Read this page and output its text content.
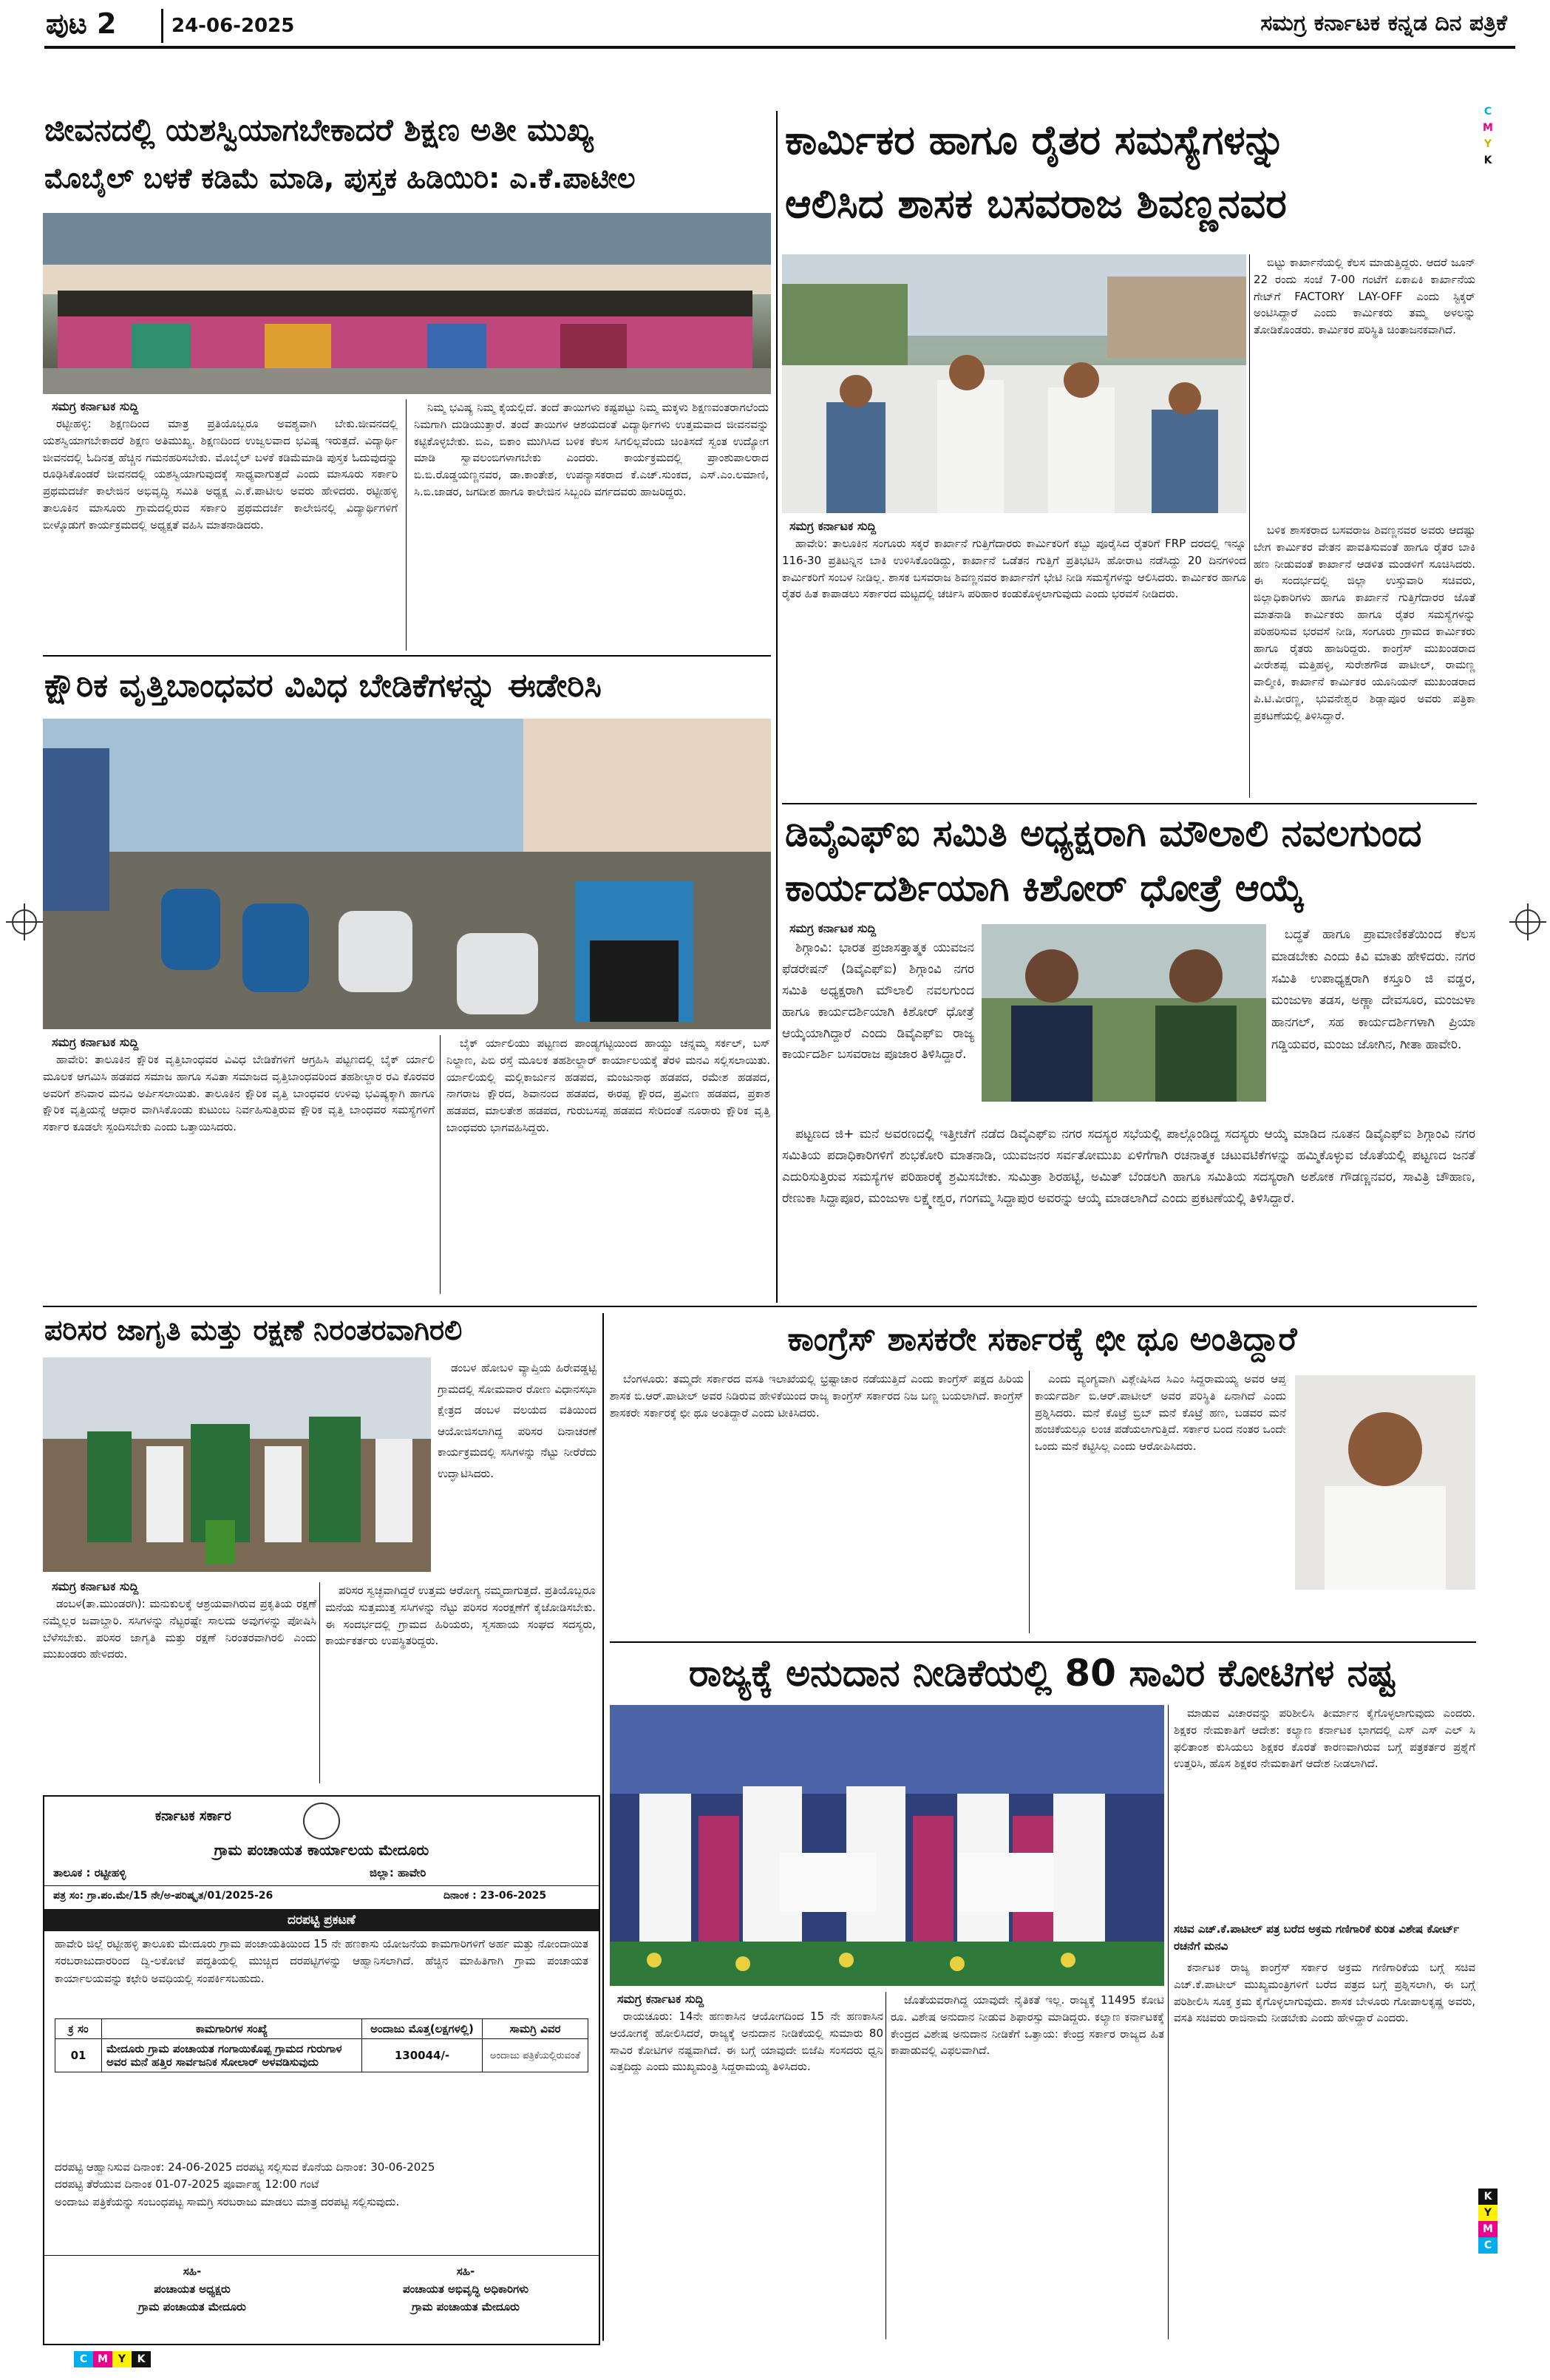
ಪುಟ 2	24-06-2025	ಸಮಗ್ರ ಕರ್ನಾಟಕ ಕನ್ನಡ ದಿನ ಪತ್ರಿಕೆ
C
M
Y
K
K
Y
M
C
C M Y	K
ಜೀವನದಲ್ಲಿ ಯಶಸ್ವಿಯಾಗಬೇಕಾದರೆ ಶಿಕ್ಷಣ ಅತೀ ಮುಖ್ಯ
ಮೊಬೈಲ್ ಬಳಕೆ ಕಡಿಮೆ ಮಾಡಿ, ಪುಸ್ತಕ ಹಿಡಿಯಿರಿ: ಎ.ಕೆ.ಪಾಟೀಲ
ಸಮಗ್ರ ಕರ್ನಾಟಕ ಸುದ್ದಿ

ರಟ್ಟೀಹಳ್ಳಿ: ಶಿಕ್ಷಣದಿಂದ ಮಾತ್ರ ಪ್ರತಿಯೊಬ್ಬರೂ ಅವಶ್ಯವಾಗಿ ಬೇಕು.ಜೀವನದಲ್ಲಿ ಯಶಸ್ವಿಯಾಗಬೇಕಾದರೆ ಶಿಕ್ಷಣ ಅತಿಮುಖ್ಯ. ಶಿಕ್ಷಣದಿಂದ ಉಜ್ವಲವಾದ ಭವಿಷ್ಯ ಇರುತ್ತದೆ. ವಿದ್ಯಾರ್ಥಿ ಜೀವನದಲ್ಲಿ ಓದಿನತ್ತ ಹೆಚ್ಚಿನ ಗಮನಹರಿಸಬೇಕು. ಮೊಬೈಲ್ ಬಳಕೆ ಕಡಿಮೆಮಾಡಿ ಪುಸ್ತಕ ಓದುವುದನ್ನು ರೂಢಿಸಿಕೊಂಡರೆ ಜೀವನದಲ್ಲಿ ಯಶಸ್ವಿಯಾಗುವುದಕ್ಕೆ ಸಾಧ್ಯವಾಗುತ್ತದೆ ಎಂದು ಮಾಸೂರು ಸರ್ಕಾರಿ ಪ್ರಥಮದರ್ಜೆ ಕಾಲೇಜಿನ ಅಭಿವೃದ್ಧಿ ಸಮಿತಿ ಅಧ್ಯಕ್ಷ ಎ.ಕೆ.ಪಾಟೀಲ ಅವರು ಹೇಳಿದರು. ರಟ್ಟೀಹಳ್ಳಿ ತಾಲೂಕಿನ ಮಾಸೂರು ಗ್ರಾಮದಲ್ಲಿರುವ ಸರ್ಕಾರಿ ಪ್ರಥಮದರ್ಜೆ ಕಾಲೇಜಿನಲ್ಲಿ ವಿದ್ಯಾರ್ಥಿಗಳಿಗೆ ಬೀಳ್ಕೊಡುಗೆ ಕಾರ್ಯಕ್ರಮದಲ್ಲಿ ಅಧ್ಯಕ್ಷತೆ ವಹಿಸಿ ಮಾತನಾಡಿದರು.

ನಿಮ್ಮ ಭವಿಷ್ಯ ನಿಮ್ಮ ಕೈಯಲ್ಲಿದೆ. ತಂದೆ ತಾಯಿಗಳು ಕಷ್ಟಪಟ್ಟು ನಿಮ್ಮ ಮಕ್ಕಳು ಶಿಕ್ಷಣವಂತರಾಗಲೆಂದು ನಿಮಗಾಗಿ ದುಡಿಯುತ್ತಾರೆ. ತಂದೆ ತಾಯಿಗಳ ಆಶಯದಂತೆ ವಿದ್ಯಾರ್ಥಿಗಳು ಉತ್ತಮವಾದ ಜೀವನವನ್ನು ಕಟ್ಟಿಕೊಳ್ಳಬೇಕು. ಬಿಎ, ಬಿಕಾಂ ಮುಗಿಸಿದ ಬಳಿಕ ಕೆಲಸ ಸಿಗಲಿಲ್ಲವೆಂದು ಚಿಂತಿಸದೆ ಸ್ವಂತ ಉದ್ಯೋಗ ಮಾಡಿ ಸ್ವಾವಲಂಬಿಗಳಾಗಬೇಕು ಎಂದರು. ಕಾರ್ಯಕ್ರಮದಲ್ಲಿ ಪ್ರಾಂಶುಪಾಲರಾದ ಬಿ.ಬಿ.ರೊಡ್ಡಯಣ್ಣನವರ, ಡಾ.ಕಾಂತೇಶ, ಉಪನ್ಯಾಸಕರಾದ ಕೆ.ಎಚ್.ಸುಂಕದ, ಎಸ್.ಎಂ.ಲಮಾಣಿ, ಸಿ.ಬಿ.ಜಾಡರ, ಜಗದೀಶ ಹಾಗೂ ಕಾಲೇಜಿನ ಸಿಬ್ಬಂದಿ ವರ್ಗದವರು ಹಾಜರಿದ್ದರು.

ಕ್ಷೌರಿಕ ವೃತ್ತಿಬಾಂಧವರ ವಿವಿಧ ಬೇಡಿಕೆಗಳನ್ನು ಈಡೇರಿಸಿ
ಸಮಗ್ರ ಕರ್ನಾಟಕ ಸುದ್ದಿ

ಹಾವೇರಿ: ತಾಲೂಕಿನ ಕ್ಷೌರಿಕ ವೃತ್ತಿಬಾಂಧವರ ವಿವಿಧ ಬೇಡಿಕೆಗಳಿಗೆ ಆಗ್ರಹಿಸಿ ಪಟ್ಟಣದಲ್ಲಿ ಬೈಕ್ ರ್ಯಾಲಿ ಮೂಲಕ ಆಗಮಿಸಿ ಹಡಪದ ಸಮಾಜ ಹಾಗೂ ಸವಿತಾ ಸಮಾಜದ ವೃತ್ತಿಬಾಂಧವರಿಂದ ತಹಶೀಲ್ದಾರ ರವಿ ಕೊರವರ ಅವರಿಗೆ ಶನಿವಾರ ಮನವಿ ಅರ್ಪಿಸಲಾಯಿತು. ತಾಲೂಕಿನ ಕ್ಷೌರಿಕ ವೃತ್ತಿ ಬಾಂಧವರ ಉಳಿವು ಭವಿಷ್ಯಕ್ಕಾಗಿ ಹಾಗೂ ಕ್ಷೌರಿಕ ವೃತ್ತಿಯನ್ನೆ ಆಧಾರ ವಾಗಿಸಿಕೊಂಡು ಕುಟುಂಬ ನಿರ್ವಹಿಸುತ್ತಿರುವ ಕ್ಷೌರಿಕ ವೃತ್ತಿ ಬಾಂಧವರ ಸಮಸ್ಯೆಗಳಿಗೆ ಸರ್ಕಾರ ಕೂಡಲೇ ಸ್ಪಂದಿಸಬೇಕು ಎಂದು ಒತ್ತಾಯಿಸಿದರು.

ಬೈಕ್ ರ್ಯಾಲಿಯು ಪಟ್ಟಣದ ಪಾಂಡ್ಯಗಟ್ಟಿಯಿಂದ ಹಾಯ್ದು ಚನ್ನಮ್ಮ ಸರ್ಕಲ್, ಬಸ್ ನಿಲ್ದಾಣ, ಪಿಬಿ ರಸ್ತೆ ಮೂಲಕ ತಹಶೀಲ್ದಾರ್ ಕಾರ್ಯಾಲಯಕ್ಕೆ ತೆರಳಿ ಮನವಿ ಸಲ್ಲಿಸಲಾಯಿತು. ರ್ಯಾಲಿಯಲ್ಲಿ ಮಲ್ಲಿಕಾರ್ಜುನ ಹಡಪದ, ಮಂಜುನಾಥ ಹಡಪದ, ರಮೇಶ ಹಡಪದ, ನಾಗರಾಜ ಕ್ಷೌರದ, ಶಿವಾನಂದ ಹಡಪದ, ಈರಪ್ಪ ಕ್ಷೌರದ, ಪ್ರವೀಣ ಹಡಪದ, ಪ್ರಕಾಶ ಹಡಪದ, ಮಾಲತೇಶ ಹಡಪದ, ಗುರುಬಸಪ್ಪ ಹಡಪದ ಸೇರಿದಂತೆ ನೂರಾರು ಕ್ಷೌರಿಕ ವೃತ್ತಿ ಬಾಂಧವರು ಭಾಗವಹಿಸಿದ್ದರು.

ಕಾರ್ಮಿಕರ ಹಾಗೂ ರೈತರ ಸಮಸ್ಯೆಗಳನ್ನು
ಆಲಿಸಿದ ಶಾಸಕ ಬಸವರಾಜ ಶಿವಣ್ಣನವರ

ಬಿಟ್ಟು ಕಾರ್ಖಾನೆಯಲ್ಲಿ ಕೆಲಸ ಮಾಡುತ್ತಿದ್ದರು. ಆದರೆ ಜೂನ್ 22 ರಂದು ಸಂಜೆ 7-00 ಗಂಟೆಗೆ ಏಕಾಏಕಿ ಕಾರ್ಖಾನೆಯ ಗೇಟ್‌ಗೆ FACTORY LAY-OFF ಎಂದು ಸ್ಟಿಕ್ಕರ್ ಅಂಟಿಸಿದ್ದಾರೆ ಎಂದು ಕಾರ್ಮಿಕರು ತಮ್ಮ ಅಳಲನ್ನು ತೋಡಿಕೊಂಡರು. ಕಾರ್ಮಿಕರ ಪರಿಸ್ಥಿತಿ ಚಿಂತಾಜನಕವಾಗಿದೆ.

ಸಮಗ್ರ ಕರ್ನಾಟಕ ಸುದ್ದಿ

ಹಾವೇರಿ: ತಾಲೂಕಿನ ಸಂಗೂರು ಸಕ್ಕರೆ ಕಾರ್ಖಾನೆ ಗುತ್ತಿಗೆದಾರರು ಕಾರ್ಮಿಕರಿಗೆ ಕಬ್ಬು ಪೂರೈಸಿದ ರೈತರಿಗೆ FRP ದರದಲ್ಲಿ ಇನ್ನೂ 116-30 ಪ್ರತಿಟನ್ನಿನ ಬಾಕಿ ಉಳಿಸಿಕೊಂಡಿದ್ದು, ಕಾರ್ಖಾನೆ ಒಡೆತನ ಗುತ್ತಿಗೆ ಪ್ರತಿಭಟಿಸಿ ಹೋರಾಟ ನಡೆಸಿದ್ದು 20 ದಿನಗಳಿಂದ ಕಾರ್ಮಿಕರಿಗೆ ಸಂಬಳ ನೀಡಿಲ್ಲ. ಶಾಸಕ ಬಸವರಾಜ ಶಿವಣ್ಣನವರ ಕಾರ್ಖಾನೆಗೆ ಭೇಟಿ ನೀಡಿ ಸಮಸ್ಯೆಗಳನ್ನು ಆಲಿಸಿದರು. ಕಾರ್ಮಿಕರ ಹಾಗೂ ರೈತರ ಹಿತ ಕಾಪಾಡಲು ಸರ್ಕಾರದ ಮಟ್ಟದಲ್ಲಿ ಚರ್ಚಿಸಿ ಪರಿಹಾರ ಕಂಡುಕೊಳ್ಳಲಾಗುವುದು ಎಂದು ಭರವಸೆ ನೀಡಿದರು.

ಬಳಿಕ ಶಾಸಕರಾದ ಬಸವರಾಜ ಶಿವಣ್ಣನವರ ಅವರು ಆದಷ್ಟು ಬೇಗ ಕಾರ್ಮಿಕರ ವೇತನ ಪಾವತಿಸುವಂತೆ ಹಾಗೂ ರೈತರ ಬಾಕಿ ಹಣ ನೀಡುವಂತೆ ಕಾರ್ಖಾನೆ ಆಡಳಿತ ಮಂಡಳಿಗೆ ಸೂಚಿಸಿದರು. ಈ ಸಂದರ್ಭದಲ್ಲಿ ಜಿಲ್ಲಾ ಉಸ್ತುವಾರಿ ಸಚಿವರು, ಜಿಲ್ಲಾಧಿಕಾರಿಗಳು ಹಾಗೂ ಕಾರ್ಖಾನೆ ಗುತ್ತಿಗೆದಾರರ ಜೊತೆ ಮಾತನಾಡಿ ಕಾರ್ಮಿಕರು ಹಾಗೂ ರೈತರ ಸಮಸ್ಯೆಗಳನ್ನು ಪರಿಹರಿಸುವ ಭರವಸೆ ನೀಡಿ, ಸಂಗೂರು ಗ್ರಾಮದ ಕಾರ್ಮಿಕರು ಹಾಗೂ ರೈತರು ಹಾಜರಿದ್ದರು. ಕಾಂಗ್ರೆಸ್ ಮುಖಂಡರಾದ ವೀರೇಶಪ್ಪ ಮತ್ತಿಹಳ್ಳಿ, ಸುರೇಶಗೌಡ ಪಾಟೀಲ್, ರಾಮಣ್ಣ ವಾಲ್ಮೀಕಿ, ಕಾರ್ಖಾನೆ ಕಾರ್ಮಿಕರ ಯೂನಿಯನ್ ಮುಖಂಡರಾದ ಪಿ.ಟಿ.ವೀರಣ್ಣ, ಭುವನೇಶ್ವರ ಶಿಡ್ಲಾಪೂರ ಅವರು ಪತ್ರಿಕಾ ಪ್ರಕಟಣೆಯಲ್ಲಿ ತಿಳಿಸಿದ್ದಾರೆ.

ಡಿವೈಎಫ್‌ಐ ಸಮಿತಿ ಅಧ್ಯಕ್ಷರಾಗಿ ಮೌಲಾಲಿ ನವಲಗುಂದ
ಕಾರ್ಯದರ್ಶಿಯಾಗಿ ಕಿಶೋರ್ ಧೋತ್ರೆ ಆಯ್ಕೆ
ಸಮಗ್ರ ಕರ್ನಾಟಕ ಸುದ್ದಿ

ಶಿಗ್ಗಾಂವಿ: ಭಾರತ ಪ್ರಜಾಸತ್ತಾತ್ಮಕ ಯುವಜನ ಫೆಡರೇಷನ್ (ಡಿವೈಎಫ್‌ಐ) ಶಿಗ್ಗಾಂವಿ ನಗರ ಸಮಿತಿ ಅಧ್ಯಕ್ಷರಾಗಿ ಮೌಲಾಲಿ ನವಲಗುಂದ ಹಾಗೂ ಕಾರ್ಯದರ್ಶಿಯಾಗಿ ಕಿಶೋರ್ ಧೋತ್ರೆ ಆಯ್ಕೆಯಾಗಿದ್ದಾರೆ ಎಂದು ಡಿವೈಎಫ್‌ಐ ರಾಜ್ಯ ಕಾರ್ಯದರ್ಶಿ ಬಸವರಾಜ ಪೂಜಾರ ತಿಳಿಸಿದ್ದಾರೆ.

ಬದ್ಧತೆ ಹಾಗೂ ಪ್ರಾಮಾಣಿಕತೆಯಿಂದ ಕೆಲಸ ಮಾಡಬೇಕು ಎಂದು ಕಿವಿ ಮಾತು ಹೇಳಿದರು. ನಗರ ಸಮಿತಿ ಉಪಾಧ್ಯಕ್ಷರಾಗಿ ಕಸ್ತೂರಿ ಜಿ ವಡ್ಡರ, ಮಂಜುಳಾ ತಡಸ, ಅಣ್ಣಾ ದೇವಸೂರ, ಮಂಜುಳಾ ಹಾನಗಲ್, ಸಹ ಕಾರ್ಯದರ್ಶಿಗಳಾಗಿ ಪ್ರಿಯಾ ಗಡ್ಡಿಯವರ, ಮಂಜು ಜೋಗಿನ, ಗೀತಾ ಹಾವೇರಿ.

ಪಟ್ಟಣದ ಜಿ+ ಮನೆ ಅವರಣದಲ್ಲಿ ಇತ್ತೀಚೆಗೆ ನಡೆದ ಡಿವೈಎಫ್‌ಐ ನಗರ ಸದಸ್ಯರ ಸಭೆಯಲ್ಲಿ ಪಾಲ್ಗೊಂಡಿದ್ದ ಸದಸ್ಯರು ಆಯ್ಕೆ ಮಾಡಿದ ನೂತನ ಡಿವೈಎಫ್‌ಐ ಶಿಗ್ಗಾಂವಿ ನಗರ ಸಮಿತಿಯ ಪದಾಧಿಕಾರಿಗಳಿಗೆ ಶುಭಕೋರಿ ಮಾತನಾಡಿ, ಯುವಜನರ ಸರ್ವತೋಮುಖ ಏಳಿಗೆಗಾಗಿ ರಚನಾತ್ಮಕ ಚಟುವಟಿಕೆಗಳನ್ನು ಹಮ್ಮಿಕೊಳ್ಳುವ ಜೊತೆಯಲ್ಲಿ ಪಟ್ಟಣದ ಜನತೆ ಎದುರಿಸುತ್ತಿರುವ ಸಮಸ್ಯೆಗಳ ಪರಿಹಾರಕ್ಕೆ ಶ್ರಮಿಸಬೇಕು. ಸುಮಿತ್ರಾ ಶಿರಹಟ್ಟಿ, ಅಮಿತ್ ಬೆಂಡಲಗಿ ಹಾಗೂ ಸಮಿತಿಯ ಸದಸ್ಯರಾಗಿ ಅಶೋಕ ಗೌಡಣ್ಣನವರ, ಸಾವಿತ್ರಿ ಚೌಹಾಣ, ರೇಣುಕಾ ಸಿದ್ದಾಪೂರ, ಮಂಜುಳಾ ಲಕ್ಷ್ಮೇಶ್ವರ, ಗಂಗಮ್ಮ ಸಿದ್ದಾಪುರ ಅವರನ್ನು ಆಯ್ಕೆ ಮಾಡಲಾಗಿದೆ ಎಂದು ಪ್ರಕಟಣೆಯಲ್ಲಿ ತಿಳಿಸಿದ್ದಾರೆ.

ಪರಿಸರ ಜಾಗೃತಿ ಮತ್ತು ರಕ್ಷಣೆ ನಿರಂತರವಾಗಿರಲಿ

ಡಂಬಳ ಹೋಬಳಿ ವ್ಯಾಪ್ತಿಯ ಹಿರೇವಡ್ಡಟ್ಟಿ ಗ್ರಾಮದಲ್ಲಿ ಸೋಮವಾರ ರೋಣ ವಿಧಾನಸಭಾ ಕ್ಷೇತ್ರದ ಡಂಬಳ ವಲಯದ ವತಿಯಿಂದ ಆಯೋಜಿಸಲಾಗಿದ್ದ ಪರಿಸರ ದಿನಾಚರಣೆ ಕಾರ್ಯಕ್ರಮದಲ್ಲಿ ಸಸಿಗಳನ್ನು ನೆಟ್ಟು ನೀರೆರೆದು ಉದ್ಘಾಟಿಸಿದರು.

ಸಮಗ್ರ ಕರ್ನಾಟಕ ಸುದ್ದಿ

ಡಂಬಳ(ತಾ.ಮುಂಡರಗಿ): ಮನುಕುಲಕ್ಕೆ ಆಶ್ರಯವಾಗಿರುವ ಪ್ರಕೃತಿಯ ರಕ್ಷಣೆ ನಮ್ಮೆಲ್ಲರ ಜವಾಬ್ದಾರಿ. ಸಸಿಗಳನ್ನು ನೆಟ್ಟರಷ್ಟೇ ಸಾಲದು ಅವುಗಳನ್ನು ಪೋಷಿಸಿ ಬೆಳೆಸಬೇಕು. ಪರಿಸರ ಜಾಗೃತಿ ಮತ್ತು ರಕ್ಷಣೆ ನಿರಂತರವಾಗಿರಲಿ ಎಂದು ಮುಖಂಡರು ಹೇಳಿದರು.

ಪರಿಸರ ಸ್ವಚ್ಛವಾಗಿದ್ದರೆ ಉತ್ತಮ ಆರೋಗ್ಯ ನಮ್ಮದಾಗುತ್ತದೆ. ಪ್ರತಿಯೊಬ್ಬರೂ ಮನೆಯ ಸುತ್ತಮುತ್ತ ಸಸಿಗಳನ್ನು ನೆಟ್ಟು ಪರಿಸರ ಸಂರಕ್ಷಣೆಗೆ ಕೈಜೋಡಿಸಬೇಕು. ಈ ಸಂದರ್ಭದಲ್ಲಿ ಗ್ರಾಮದ ಹಿರಿಯರು, ಸ್ವಸಹಾಯ ಸಂಘದ ಸದಸ್ಯರು, ಕಾರ್ಯಕರ್ತರು ಉಪಸ್ಥಿತರಿದ್ದರು.

ಕರ್ನಾಟಕ ಸರ್ಕಾರ
ಗ್ರಾಮ ಪಂಚಾಯತ ಕಾರ್ಯಾಲಯ ಮೇದೂರು
ತಾಲೂಕ : ರಟ್ಟೀಹಳ್ಳಿ	ಜಿಲ್ಲಾ: ಹಾವೇರಿ
ಪತ್ರ ಸಂ: ಗ್ರಾ.ಪಂ.ಮೇ/15 ನೇ/ಅ-ಪರಿಷ್ಕೃತ/01/2025-26	ದಿನಾಂಕ : 23-06-2025
ದರಪಟ್ಟಿ ಪ್ರಕಟಣೆ
ಹಾವೇರಿ ಜಿಲ್ಲೆ ರಟ್ಟೀಹಳ್ಳಿ ತಾಲೂಕು ಮೇದೂರು ಗ್ರಾಮ ಪಂಚಾಯತಿಯಿಂದ 15 ನೇ ಹಣಕಾಸು ಯೋಜನೆಯ ಕಾಮಗಾರಿಗಳಿಗೆ ಅರ್ಹ ಮತ್ತು ನೋಂದಾಯಿತ ಸರಬರಾಜುದಾರರಿಂದ ದ್ವಿ-ಲಕೋಟೆ ಪದ್ಧತಿಯಲ್ಲಿ ಮುಚ್ಚಿದ ದರಪಟ್ಟಿಗಳನ್ನು ಆಹ್ವಾನಿಸಲಾಗಿದೆ. ಹೆಚ್ಚಿನ ಮಾಹಿತಿಗಾಗಿ ಗ್ರಾಮ ಪಂಚಾಯತ ಕಾರ್ಯಾಲಯವನ್ನು ಕಛೇರಿ ಅವಧಿಯಲ್ಲಿ ಸಂಪರ್ಕಿಸಬಹುದು.
ಕ್ರ ಸಂ	ಕಾಮಗಾರಿಗಳ ಸಂಖ್ಯೆ	ಅಂದಾಜು ಮೊತ್ತ(ಲಕ್ಷಗಳಲ್ಲಿ)	ಸಾಮಗ್ರಿ ವಿವರ
01	ಮೇದೂರು ಗ್ರಾಮ ಪಂಚಾಯತ ಗಂಗಾಯಿಕೊಪ್ಪ ಗ್ರಾಮದ ಗುರುಗಾಳ ಅವರ ಮನೆ ಹತ್ತಿರ ಸಾರ್ವಜನಿಕ ಸೋಲಾರ್ ಅಳವಡಿಸುವುದು	130044/-	ಅಂದಾಜು ಪತ್ರಿಕೆಯಲ್ಲಿರುವಂತೆ
ದರಪಟ್ಟಿ ಆಹ್ವಾನಿಸುವ ದಿನಾಂಕ: 24-06-2025 ದರಪಟ್ಟಿ ಸಲ್ಲಿಸುವ ಕೊನೆಯ ದಿನಾಂಕ: 30-06-2025
ದರಪಟ್ಟಿ ತೆರೆಯುವ ದಿನಾಂಕ 01-07-2025 ಪೂರ್ವಾಹ್ನ 12:00 ಗಂಟೆ
ಅಂದಾಜು ಪತ್ರಿಕೆಯನ್ನು ಸಂಬಂಧಪಟ್ಟ ಸಾಮಗ್ರಿ ಸರಬರಾಜು ಮಾಡಲು ಮಾತ್ರ ದರಪಟ್ಟಿ ಸಲ್ಲಿಸುವುದು.
ಸಹಿ-
ಪಂಚಾಯತ ಅಧ್ಯಕ್ಷರು
ಗ್ರಾಮ ಪಂಚಾಯತ ಮೇದೂರು
ಸಹಿ-
ಪಂಚಾಯತ ಅಭಿವೃದ್ಧಿ ಅಧಿಕಾರಿಗಳು
ಗ್ರಾಮ ಪಂಚಾಯತ ಮೇದೂರು
ಕಾಂಗ್ರೆಸ್ ಶಾಸಕರೇ ಸರ್ಕಾರಕ್ಕೆ ಛೀ ಥೂ ಅಂತಿದ್ದಾರೆ

ಬೆಂಗಳೂರು: ತಮ್ಮದೇ ಸರ್ಕಾರದ ವಸತಿ ಇಲಾಖೆಯಲ್ಲಿ ಭ್ರಷ್ಟಾಚಾರ ನಡೆಯುತ್ತಿದೆ ಎಂದು ಕಾಂಗ್ರೆಸ್ ಪಕ್ಷದ ಹಿರಿಯ ಶಾಸಕ ಬಿ.ಆರ್.ಪಾಟೀಲ್ ಅವರ ನಿಡಿರುವ ಹೇಳಿಕೆಯಿಂದ ರಾಜ್ಯ ಕಾಂಗ್ರೆಸ್ ಸರ್ಕಾರದ ನಿಜ ಬಣ್ಣ ಬಯಲಾಗಿದೆ. ಕಾಂಗ್ರೆಸ್ ಶಾಸಕರೇ ಸರ್ಕಾರಕ್ಕೆ ಛೀ ಥೂ ಅಂತಿದ್ದಾರೆ ಎಂದು ಟೀಕಿಸಿದರು.

ಎಂದು ವ್ಯಂಗ್ಯವಾಗಿ ವಿಶ್ಲೇಷಿಸಿದ ಸಿಎಂ ಸಿದ್ದರಾಮಯ್ಯ ಅವರ ಆಪ್ತ ಕಾರ್ಯದರ್ಶಿ ಬಿ.ಆರ್.ಪಾಟೀಲ್ ಅವರ ಪರಿಸ್ಥಿತಿ ಏನಾಗಿದೆ ಎಂದು ಪ್ರಶ್ನಿಸಿದರು. ಮನೆ ಕೊಟ್ರೆ ಬ್ರಿಬ್ ಮನೆ ಕೊಟ್ರೆ ಹಣ, ಬಡವರ ಮನೆ ಹಂಚಿಕೆಯಲ್ಲೂ ಲಂಚ ಪಡೆಯಲಾಗುತ್ತಿದೆ. ಸರ್ಕಾರ ಬಂದ ನಂತರ ಒಂದೇ ಒಂದು ಮನೆ ಕಟ್ಟಿಸಿಲ್ಲ ಎಂದು ಆರೋಪಿಸಿದರು.

ರಾಜ್ಯಕ್ಕೆ ಅನುದಾನ ನೀಡಿಕೆಯಲ್ಲಿ 80 ಸಾವಿರ ಕೋಟಿಗಳ ನಷ್ಟ

ಮಾಡುವ ವಿಚಾರವನ್ನು ಪರಿಶೀಲಿಸಿ ತೀರ್ಮಾನ ಕೈಗೊಳ್ಳಲಾಗುವುದು ಎಂದರು. ಶಿಕ್ಷಕರ ನೇಮಕಾತಿಗೆ ಆದೇಶ: ಕಲ್ಯಾಣ ಕರ್ನಾಟಕ ಭಾಗದಲ್ಲಿ ಎಸ್ ಎಸ್ ಎಲ್ ಸಿ ಫಲಿತಾಂಶ ಕುಸಿಯಲು ಶಿಕ್ಷಕರ ಕೊರತೆ ಕಾರಣವಾಗಿರುವ ಬಗ್ಗೆ ಪತ್ರಕರ್ತರ ಪ್ರಶ್ನೆಗೆ ಉತ್ತರಿಸಿ, ಹೊಸ ಶಿಕ್ಷಕರ ನೇಮಕಾತಿಗೆ ಆದೇಶ ನೀಡಲಾಗಿದೆ.

ಸಚಿವ ಎಚ್.ಕೆ.ಪಾಟೀಲ್ ಪತ್ರ ಬರೆದ ಅಕ್ರಮ ಗಣಿಗಾರಿಕೆ ಕುರಿತ ವಿಶೇಷ ಕೋರ್ಟ್ ರಚನೆಗೆ ಮನವಿ
ಸಮಗ್ರ ಕರ್ನಾಟಕ ಸುದ್ದಿ

ರಾಯಚೂರು: 14ನೇ ಹಣಕಾಸಿನ ಆಯೋಗದಿಂದ 15 ನೇ ಹಣಕಾಸಿನ ಆಯೋಗಕ್ಕೆ ಹೋಲಿಸಿದರೆ, ರಾಜ್ಯಕ್ಕೆ ಅನುದಾನ ನೀಡಿಕೆಯಲ್ಲಿ ಸುಮಾರು 80 ಸಾವಿರ ಕೋಟಿಗಳ ನಷ್ಟವಾಗಿದೆ. ಈ ಬಗ್ಗೆ ಯಾವುದೇ ಬಿಜೆಪಿ ಸಂಸದರು ಧ್ವನಿ ಎತ್ತದಿದ್ದು ಎಂದು ಮುಖ್ಯಮಂತ್ರಿ ಸಿದ್ದರಾಮಯ್ಯ ತಿಳಿಸಿದರು.

ಜೊತೆಯವರಾಗಿದ್ದ ಯಾವುದೇ ನೈತಿಕತೆ ಇಲ್ಲ. ರಾಜ್ಯಕ್ಕೆ 11495 ಕೋಟಿ ರೂ. ವಿಶೇಷ ಅನುದಾನ ನೀಡುವ ಶಿಫಾರಸ್ಸು ಮಾಡಿದ್ದರು. ಕಲ್ಯಾಣ ಕರ್ನಾಟಕಕ್ಕೆ ಕೇಂದ್ರದ ವಿಶೇಷ ಅನುದಾನ ನೀಡಿಕೆಗೆ ಒತ್ತಾಯ: ಕೇಂದ್ರ ಸರ್ಕಾರ ರಾಜ್ಯದ ಹಿತ ಕಾಪಾಡುವಲ್ಲಿ ವಿಫಲವಾಗಿದೆ.

ಕರ್ನಾಟಕ ರಾಜ್ಯ ಕಾಂಗ್ರೆಸ್ ಸರ್ಕಾರ ಅಕ್ರಮ ಗಣಿಗಾರಿಕೆಯ ಬಗ್ಗೆ ಸಚಿವ ಎಚ್.ಕೆ.ಪಾಟೀಲ್ ಮುಖ್ಯಮಂತ್ರಿಗಳಿಗೆ ಬರೆದ ಪತ್ರದ ಬಗ್ಗೆ ಪ್ರಶ್ನಿಸಲಾಗಿ, ಈ ಬಗ್ಗೆ ಪರಿಶೀಲಿಸಿ ಸೂಕ್ತ ಕ್ರಮ ಕೈಗೊಳ್ಳಲಾಗುವುದು. ಶಾಸಕ ಬೇಳೂರು ಗೋಪಾಲಕೃಷ್ಣ ಅವರು, ವಸತಿ ಸಚಿವರು ರಾಜಿನಾಮೆ ನೀಡಬೇಕು ಎಂದು ಹೇಳಿದ್ದಾರೆ ಎಂದರು.
